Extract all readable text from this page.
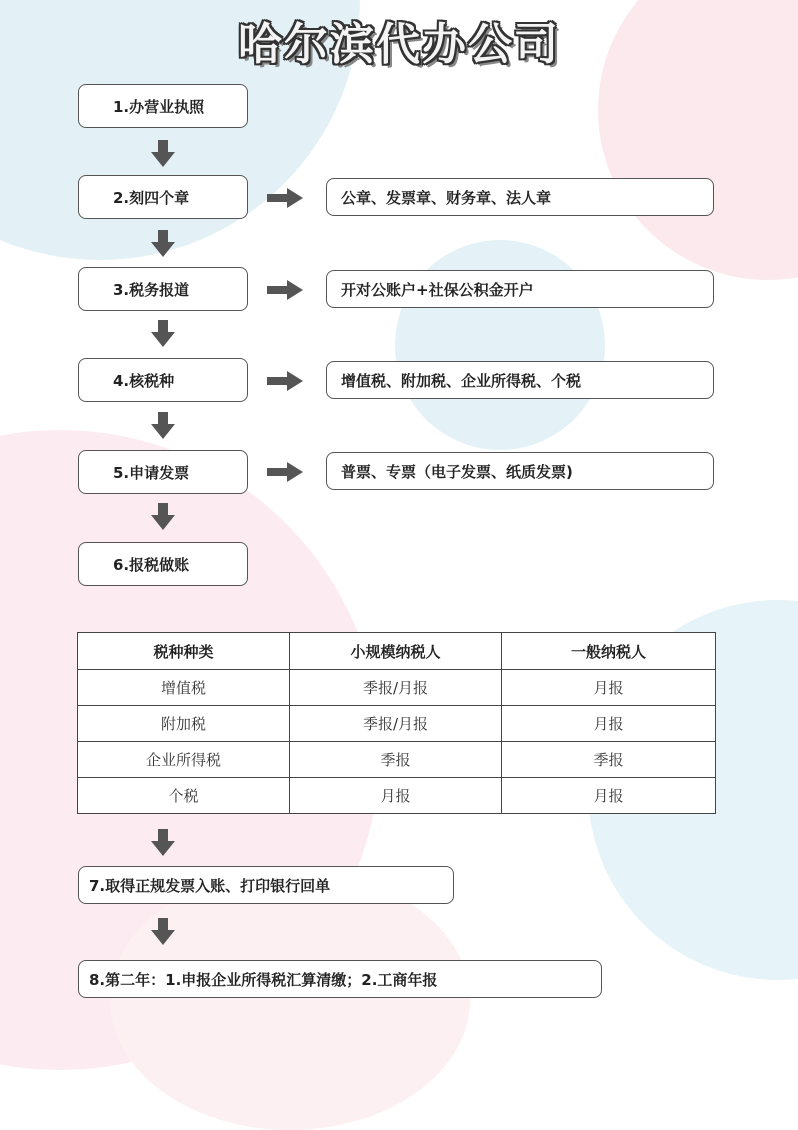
哈尔滨代办公司
1.办营业执照
2.刻四个章
3.税务报道
4.核税种
5.申请发票
6.报税做账
公章、发票章、财务章、法人章
开对公账户+社保公积金开户
增值税、附加税、企业所得税、个税
普票、专票（电子发票、纸质发票)
税种种类	小规模纳税人	一般纳税人
增值税	季报/月报	月报
附加税	季报/月报	月报
企业所得税	季报	季报
个税	月报	月报
7.取得正规发票入账、打印银行回单
8.第二年：1.申报企业所得税汇算清缴；2.工商年报
